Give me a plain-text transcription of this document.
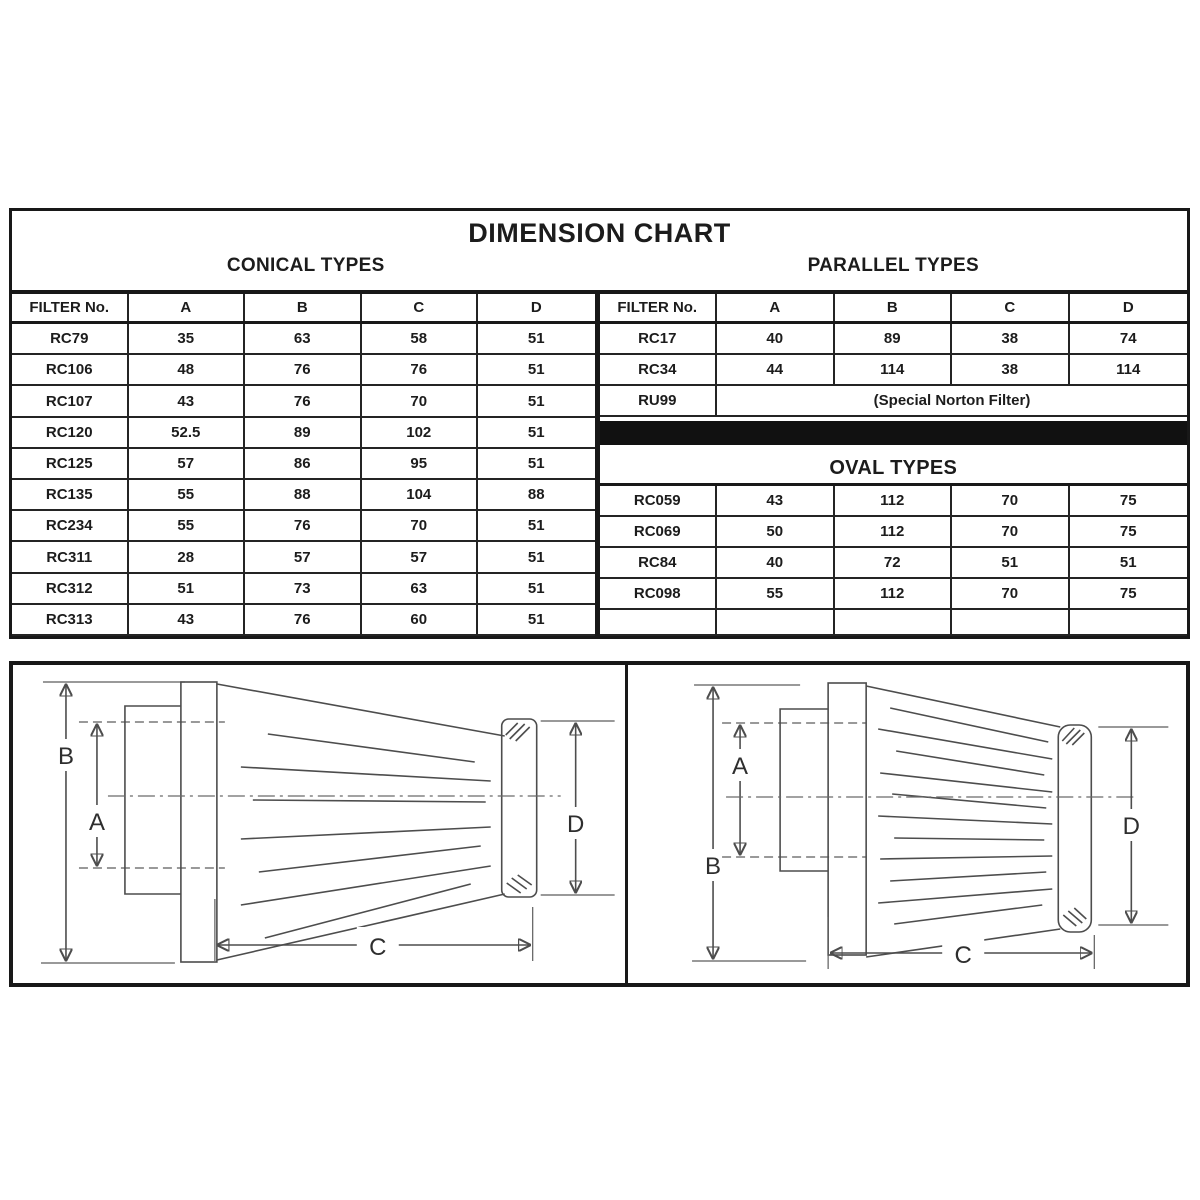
DIMENSION CHART
CONICAL TYPES	PARALLEL TYPES
FILTER No.	A	B	C	D
RC79	35	63	58	51
RC106	48	76	76	51
RC107	43	76	70	51
RC120	52.5	89	102	51
RC125	57	86	95	51
RC135	55	88	104	88
RC234	55	76	70	51
RC311	28	57	57	51
RC312	51	73	63	51
RC313	43	76	60	51
FILTER No.	A	B	C	D
RC17	40	89	38	74
RC34	44	114	38	114
RU99	(Special Norton Filter)
OVAL TYPES
RC059	43	112	70	75
RC069	50	112	70	75
RC84	40	72	51	51
RC098	55	112	70	75
B
A	D
C
B
A
D
C
